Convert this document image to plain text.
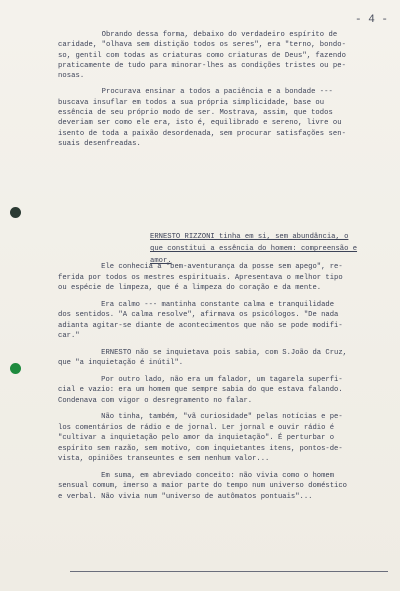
- 4 -

Obrando dessa forma, debaixo do verdadeiro espírito de
caridade, "olhava sem distição todos os seres", era "terno, bondo-
so, gentil com todas as criaturas como criaturas de Deus", fazendo
praticamente de tudo para minorar-lhes as condições tristes ou pe-
nosas.

Procurava ensinar a todos a paciência e a bondade ---
buscava insuflar em todos a sua própria simplicidade, base ou
essência de seu próprio modo de ser. Mostrava, assim, que todos
deveriam ser como ele era, isto é, equilibrado e sereno, livre ou
isento de toda a paixão desordenada, sem procurar satisfações sen-
suais desenfreadas.

ERNESTO RIZZONI tinha em si, sem abundância, o
que constitui a essência do homem: compreensão e
amor.

Ele conhecia a "bem-aventurança da posse sem apego", re-
ferida por todos os mestres espirituais. Apresentava o melhor tipo
ou espécie de limpeza, que é a limpeza do coração e da mente.

Era calmo --- mantinha constante calma e tranquilidade
dos sentidos. "A calma resolve", afirmava os psicólogos. "De nada
adianta agitar-se diante de acontecimentos que não se pode modifi-
car."

ERNESTO não se inquietava pois sabia, com S.João da Cruz,
que "a inquietação é inútil".

Por outro lado, não era um falador, um tagarela superfi-
cial e vazio: era um homem que sempre sabia do que estava falando.
Condenava com vigor o desregramento no falar.

Não tinha, também, "vã curiosidade" pelas notícias e pe-
los comentários de rádio e de jornal. Ler jornal e ouvir rádio é
"cultivar a inquietação pelo amor da inquietação". É perturbar o
espírito sem razão, sem motivo, com inquietantes itens, pontos-de-
vista, opiniões transeuntes e sem nenhum valor...

Em suma, em abreviado conceito: não vivia como o homem
sensual comum, imerso a maior parte do tempo num universo doméstico
e verbal. Não vivia num "universo de autômatos pontuais"...
